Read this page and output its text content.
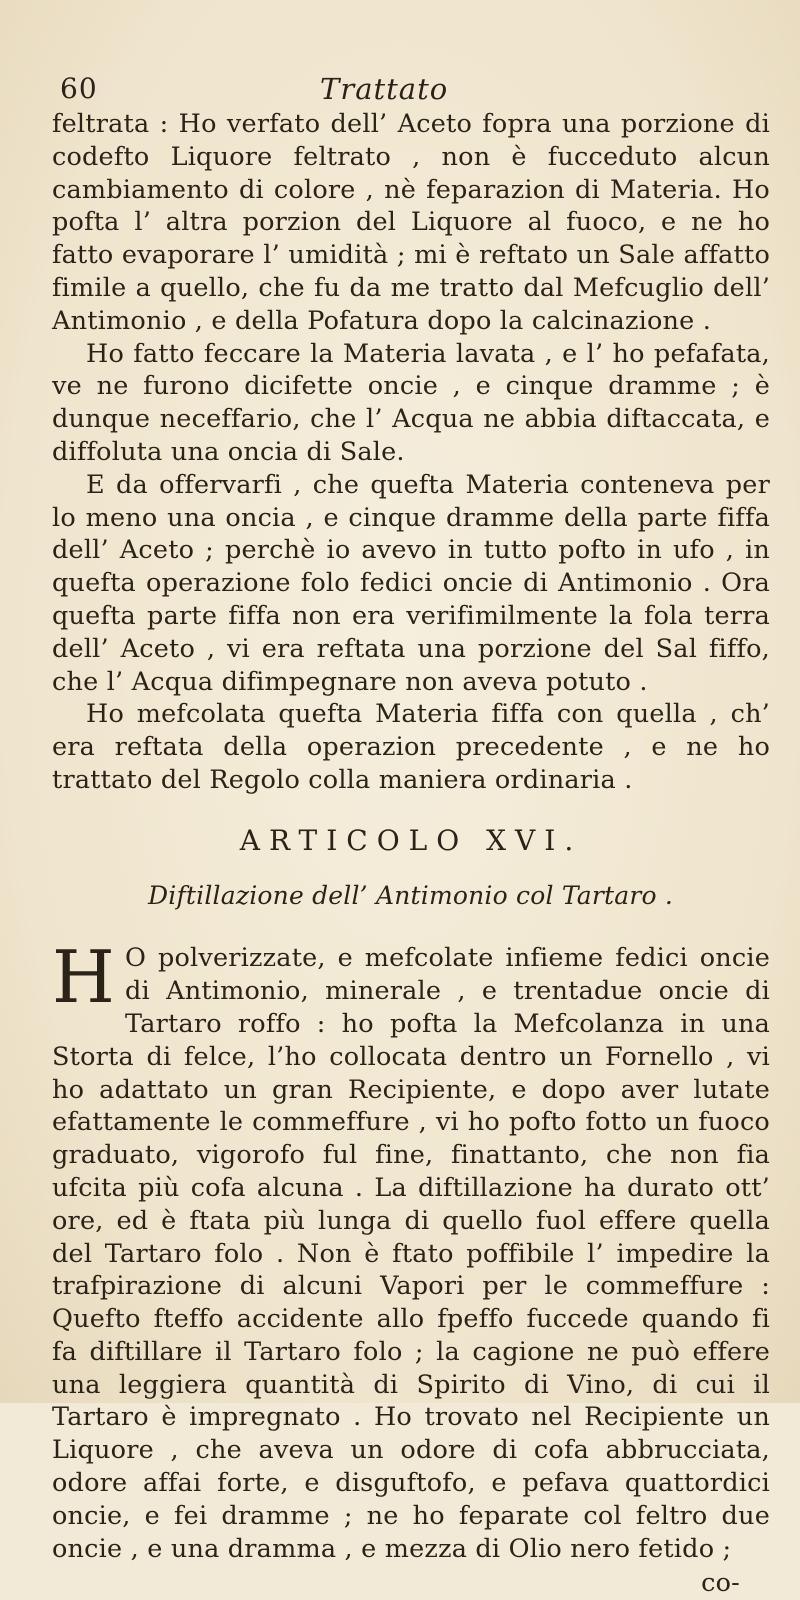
60	Trattato

feltrata : Ho verfato dell’ Aceto fopra una porzione di codefto Liquore feltrato , non è fucceduto alcun cambiamento di colore , nè feparazion di Materia. Ho pofta l’ altra porzion del Liquore al fuoco, e ne ho fatto evaporare l’ umidità ; mi è reftato un Sale affatto fimile a quello, che fu da me tratto dal Mefcuglio dell’ Antimonio , e della Pofatura dopo la calcinazione .

Ho fatto feccare la Materia lavata , e l’ ho pefafata, ve ne furono dicifette oncie , e cinque dramme ; è dunque neceffario, che l’ Acqua ne abbia diftaccata, e diffoluta una oncia di Sale.

E da offervarfi , che quefta Materia conteneva per lo meno una oncia , e cinque dramme della parte fiffa dell’ Aceto ; perchè io avevo in tutto pofto in ufo , in quefta operazione folo fedici oncie di Antimonio . Ora quefta parte fiffa non era verifimilmente la fola terra dell’ Aceto , vi era reftata una porzione del Sal fiffo, che l’ Acqua difimpegnare non aveva potuto .

Ho mefcolata quefta Materia fiffa con quella , ch’ era reftata della operazion precedente , e ne ho trattato del Regolo colla maniera ordinaria .

ARTICOLO XVI.
Diftillazione dell’ Antimonio col Tartaro .

H O polverizzate, e mefcolate infieme fedici oncie di Antimonio, minerale , e trentadue oncie di Tartaro roffo : ho pofta la Mefcolanza in una Storta di felce, l’ho collocata dentro un Fornello , vi ho adattato un gran Recipiente, e dopo aver lutate efattamente le commeffure , vi ho pofto fotto un fuoco graduato, vigorofo ful fine, finattanto, che non fia ufcita più cofa alcuna . La diftillazione ha durato ott’ ore, ed è ftata più lunga di quello fuol effere quella del Tartaro folo . Non è ftato poffibile l’ impedire la trafpirazione di alcuni Vapori per le commeffure : Quefto fteffo accidente allo fpeffo fuccede quando fi fa diftillare il Tartaro folo ; la cagione ne può effere una leggiera quantità di Spirito di Vino, di cui il Tartaro è impregnato . Ho trovato nel Recipiente un Liquore , che aveva un odore di cofa abbrucciata, odore affai forte, e disguftofo, e pefava quattordici oncie, e fei dramme ; ne ho feparate col feltro due oncie , e una dramma , e mezza di Olio nero fetido ;

co-
